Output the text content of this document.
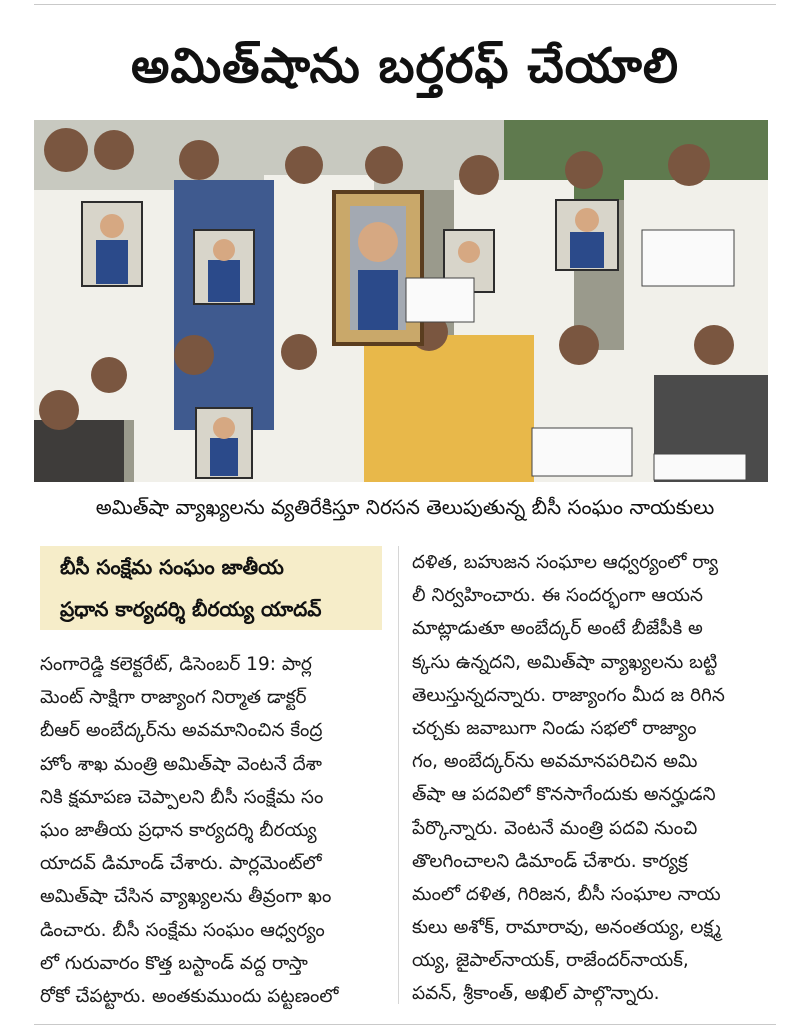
అమిత్‌షాను బర్తరఫ్ చేయాలి
అమిత్‌షా వ్యాఖ్యలను వ్యతిరేకిస్తూ నిరసన తెలుపుతున్న బీసీ సంఘం నాయకులు
బీసీ సంక్షేమ సంఘం జాతీయ
ప్రధాన కార్యదర్శి బీరయ్య యాదవ్
సంగారెడ్డి కలెక్టరేట్, డిసెంబర్ 19: పార్ల
మెంట్ సాక్షిగా రాజ్యాంగ నిర్మాత డాక్టర్
బీఆర్ అంబేద్కర్‌ను అవమానించిన కేంద్ర
హోం శాఖ మంత్రి అమిత్‌షా వెంటనే దేశా
నికి క్షమాపణ చెప్పాలని బీసీ సంక్షేమ సం
ఘం జాతీయ ప్రధాన కార్యదర్శి బీరయ్య
యాదవ్ డిమాండ్ చేశారు. పార్లమెంట్‌లో
అమిత్‌షా చేసిన వ్యాఖ్యలను తీవ్రంగా ఖం
డించారు. బీసీ సంక్షేమ సంఘం ఆధ్వర్యం
లో గురువారం కొత్త బస్టాండ్ వద్ద రాస్తా
రోకో చేపట్టారు. అంతకుముందు పట్టణంలో
దళిత, బహుజన సంఘాల ఆధ్వర్యంలో ర్యా
లీ నిర్వహించారు. ఈ సందర్భంగా ఆయన
మాట్లాడుతూ అంబేద్కర్ అంటే బీజేపీకి అ
క్కసు ఉన్నదని, అమిత్‌షా వ్యాఖ్యలను బట్టి
తెలుస్తున్నదన్నారు. రాజ్యాంగం మీద జ రిగిన
చర్చకు జవాబుగా నిండు సభలో రాజ్యాం
గం, అంబేద్కర్‌ను అవమానపరిచిన అమి
త్‌షా ఆ పదవిలో కొనసాగేందుకు అనర్హుడని
పేర్కొన్నారు. వెంటనే మంత్రి పదవి నుంచి
తొలగించాలని డిమాండ్ చేశారు. కార్యక్ర
మంలో దళిత, గిరిజన, బీసీ సంఘాల నాయ
కులు అశోక్, రామారావు, అనంతయ్య, లక్ష్మ
య్య, జైపాల్‌నాయక్, రాజేందర్‌నాయక్,
పవన్, శ్రీకాంత్, అఖిల్ పాల్గొన్నారు.
